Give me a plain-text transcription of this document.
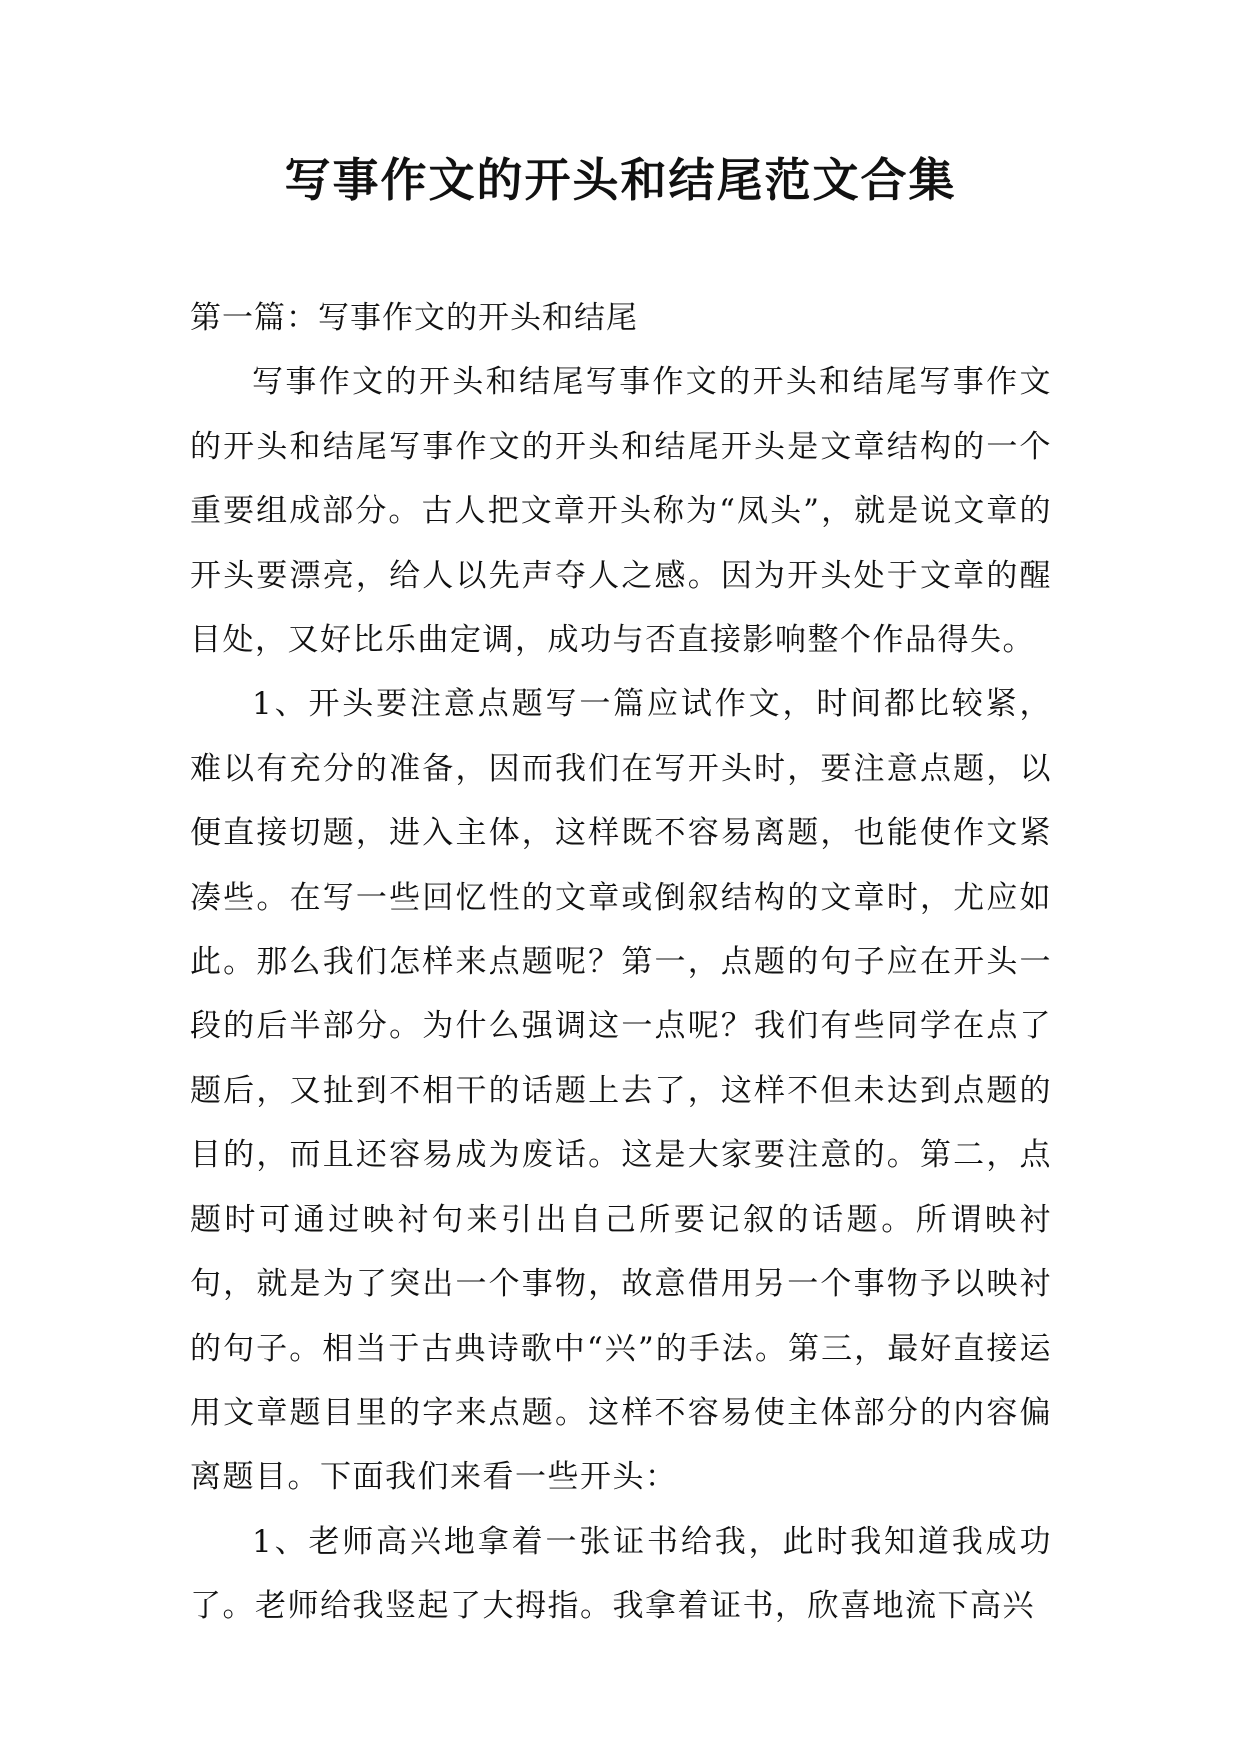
写事作文的开头和结尾范文合集

第一篇：写事作文的开头和结尾

写事作文的开头和结尾写事作文的开头和结尾写事作文的开头和结尾写事作文的开头和结尾开头是文章结构的一个重要组成部分。古人把文章开头称为“凤头”，就是说文章的开头要漂亮，给人以先声夺人之感。因为开头处于文章的醒目处，又好比乐曲定调，成功与否直接影响整个作品得失。

1、开头要注意点题写一篇应试作文，时间都比较紧，难以有充分的准备，因而我们在写开头时，要注意点题，以便直接切题，进入主体，这样既不容易离题，也能使作文紧凑些。在写一些回忆性的文章或倒叙结构的文章时，尤应如此。那么我们怎样来点题呢？第一，点题的句子应在开头一段的后半部分。为什么强调这一点呢？我们有些同学在点了题后，又扯到不相干的话题上去了，这样不但未达到点题的目的，而且还容易成为废话。这是大家要注意的。第二，点题时可通过映衬句来引出自己所要记叙的话题。所谓映衬句，就是为了突出一个事物，故意借用另一个事物予以映衬的句子。相当于古典诗歌中“兴”的手法。第三，最好直接运用文章题目里的字来点题。这样不容易使主体部分的内容偏离题目。下面我们来看一些开头：

1、老师高兴地拿着一张证书给我，此时我知道我成功了。老师给我竖起了大拇指。我拿着证书，欣喜地流下高兴
